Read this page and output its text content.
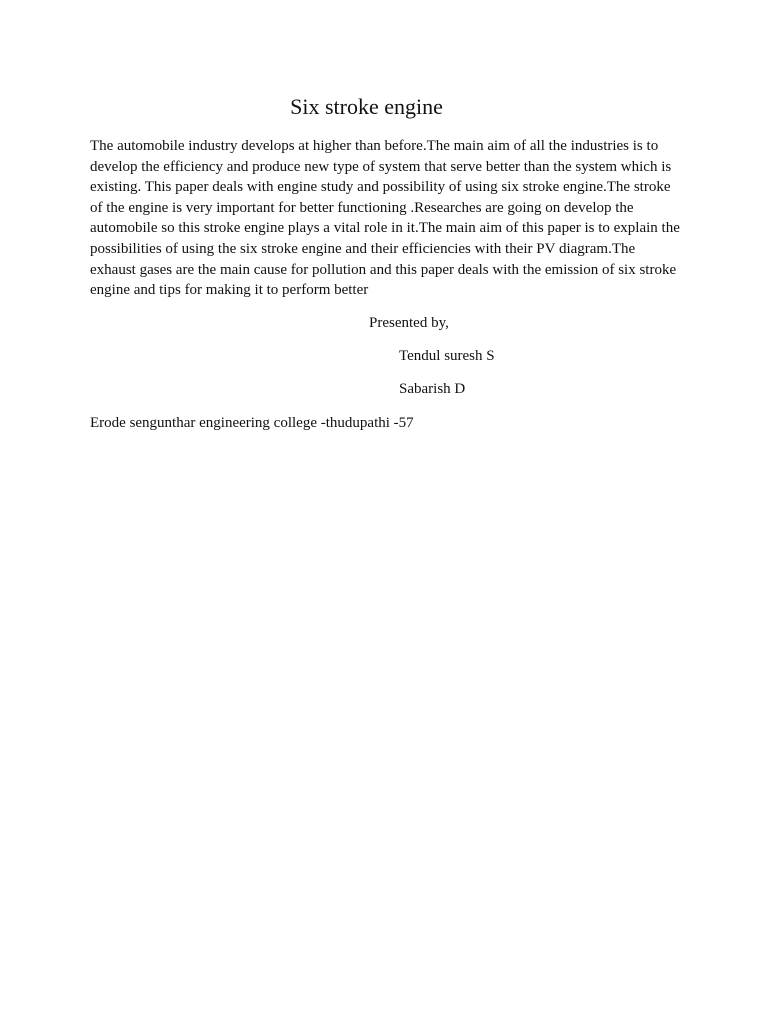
Six stroke engine

The automobile industry develops at higher than before.The main aim of all the industries is to develop the efficiency and produce new type of system that serve better than the system which is existing. This paper deals with engine study and possibility of using six stroke engine.The stroke of the engine is very important for better functioning .Researches are going on develop the automobile so this stroke engine plays a vital role in it.The main aim of this paper is to explain the possibilities of using the six stroke engine and their efficiencies with their PV diagram.The exhaust gases are the main cause for pollution and this paper deals with the emission of six stroke engine and tips for making it to perform better

Presented by,

Tendul suresh S

Sabarish D

Erode sengunthar engineering college -thudupathi -57
